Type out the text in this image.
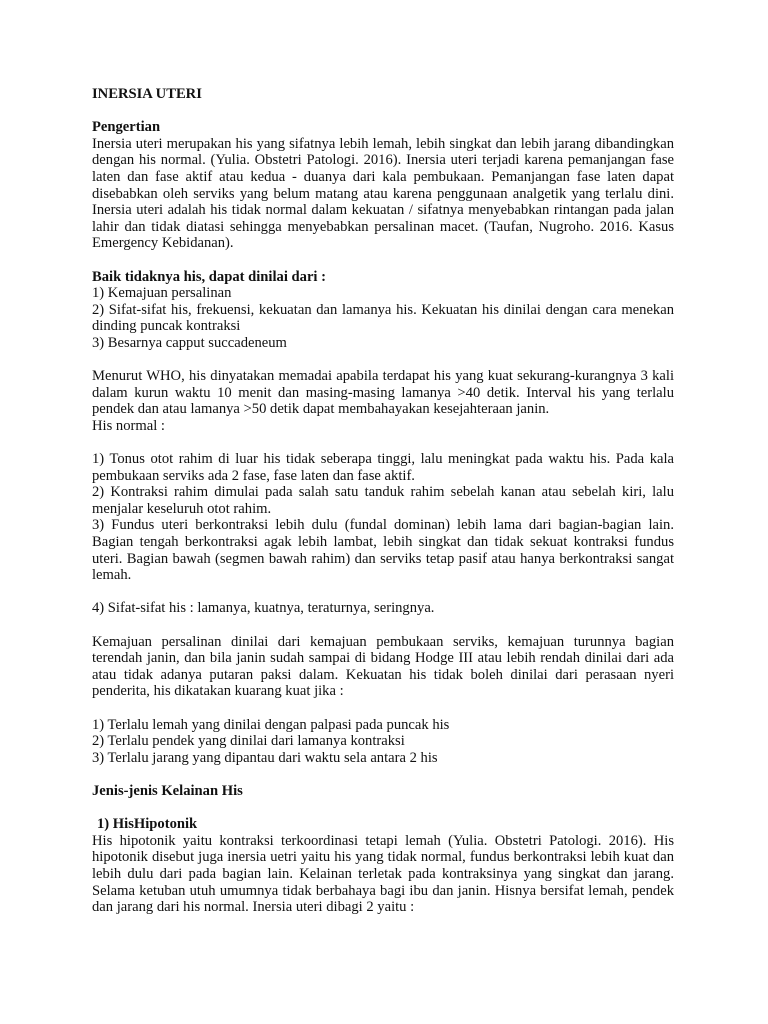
INERSIA UTERI

Pengertian

Inersia uteri merupakan his yang sifatnya lebih lemah, lebih singkat dan lebih jarang dibandingkan dengan his normal. (Yulia. Obstetri Patologi. 2016). Inersia uteri terjadi karena pemanjangan fase laten dan fase aktif atau kedua - duanya dari kala pembukaan. Pemanjangan fase laten dapat disebabkan oleh serviks yang belum matang atau karena penggunaan analgetik yang terlalu dini. Inersia uteri adalah his tidak normal dalam kekuatan / sifatnya menyebabkan rintangan pada jalan lahir dan tidak diatasi sehingga menyebabkan persalinan macet. (Taufan, Nugroho. 2016. Kasus Emergency Kebidanan).

Baik tidaknya his, dapat dinilai dari :

1) Kemajuan persalinan
2) Sifat-sifat his, frekuensi, kekuatan dan lamanya his. Kekuatan his dinilai dengan cara menekan dinding puncak kontraksi
3) Besarnya capput succadeneum

Menurut WHO, his dinyatakan memadai apabila terdapat his yang kuat sekurang-kurangnya 3 kali dalam kurun waktu 10 menit dan masing-masing lamanya >40 detik. Interval his yang terlalu pendek dan atau lamanya >50 detik dapat membahayakan kesejahteraan janin.

His normal :

1) Tonus otot rahim di luar his tidak seberapa tinggi, lalu meningkat pada waktu his. Pada kala pembukaan serviks ada 2 fase, fase laten dan fase aktif.
2) Kontraksi rahim dimulai pada salah satu tanduk rahim sebelah kanan atau sebelah kiri, lalu menjalar keseluruh otot rahim.
3) Fundus uteri berkontraksi lebih dulu (fundal dominan) lebih lama dari bagian-bagian lain. Bagian tengah berkontraksi agak lebih lambat, lebih singkat dan tidak sekuat kontraksi fundus uteri. Bagian bawah (segmen bawah rahim) dan serviks tetap pasif atau hanya berkontraksi sangat lemah.

4) Sifat-sifat his : lamanya, kuatnya, teraturnya, seringnya.

Kemajuan persalinan dinilai dari kemajuan pembukaan serviks, kemajuan turunnya bagian terendah janin, dan bila janin sudah sampai di bidang Hodge III atau lebih rendah dinilai dari ada atau tidak adanya putaran paksi dalam. Kekuatan his tidak boleh dinilai dari perasaan nyeri penderita, his dikatakan kuarang kuat jika :

1) Terlalu lemah yang dinilai dengan palpasi pada puncak his
2) Terlalu pendek yang dinilai dari lamanya kontraksi
3) Terlalu jarang yang dipantau dari waktu sela antara 2 his

Jenis-jenis Kelainan His

1) HisHipotonik

His hipotonik yaitu kontraksi terkoordinasi tetapi lemah (Yulia. Obstetri Patologi. 2016). His hipotonik disebut juga inersia uetri yaitu his yang tidak normal, fundus berkontraksi lebih kuat dan lebih dulu dari pada bagian lain. Kelainan terletak pada kontraksinya yang singkat dan jarang. Selama ketuban utuh umumnya tidak berbahaya bagi ibu dan janin. Hisnya bersifat lemah, pendek dan jarang dari his normal. Inersia uteri dibagi 2 yaitu :
